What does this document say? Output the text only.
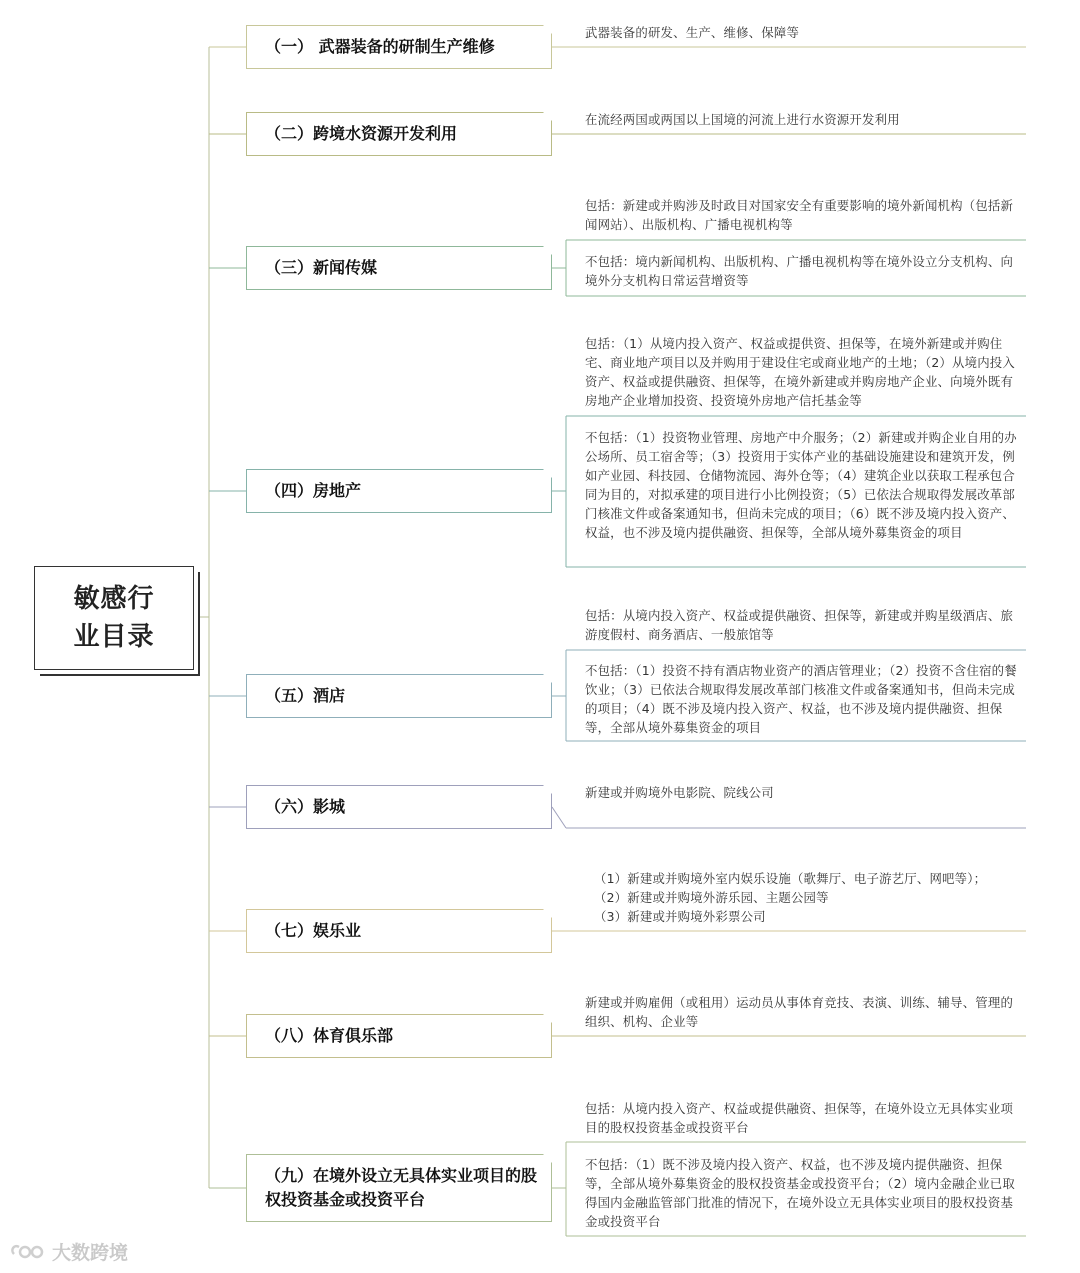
敏感行业目录
（一） 武器装备的研制生产维修
（二）跨境水资源开发利用
（三）新闻传媒
（四）房地产
（五）酒店
（六）影城
（七）娱乐业
（八）体育俱乐部
（九）在境外设立无具体实业项目的股权投资基金或投资平台
武器装备的研发、生产、维修、保障等
在流经两国或两国以上国境的河流上进行水资源开发利用
包括：新建或并购涉及时政目对国家安全有重要影响的境外新闻机构（包括新闻网站）、出版机构、广播电视机构等
不包括：境内新闻机构、出版机构、广播电视机构等在境外设立分支机构、向境外分支机构日常运营增资等
包括：（1）从境内投入资产、权益或提供资、担保等，在境外新建或并购住宅、商业地产项目以及并购用于建设住宅或商业地产的土地；（2）从境内投入资产、权益或提供融资、担保等，在境外新建或并购房地产企业、向境外既有房地产企业增加投资、投资境外房地产信托基金等
不包括：（1）投资物业管理、房地产中介服务；（2）新建或并购企业自用的办公场所、员工宿舍等；（3）投资用于实体产业的基础设施建设和建筑开发，例如产业园、科技园、仓储物流园、海外仓等；（4）建筑企业以获取工程承包合同为目的，对拟承建的项目进行小比例投资；（5）已依法合规取得发展改革部门核准文件或备案通知书，但尚未完成的项目；（6）既不涉及境内投入资产、权益，也不涉及境内提供融资、担保等，全部从境外募集资金的项目
包括：从境内投入资产、权益或提供融资、担保等，新建或并购星级酒店、旅游度假村、商务酒店、一般旅馆等
不包括：（1）投资不持有酒店物业资产的酒店管理业；（2）投资不含住宿的餐饮业；（3）已依法合规取得发展改革部门核准文件或备案通知书，但尚未完成的项目；（4）既不涉及境内投入资产、权益，也不涉及境内提供融资、担保等，全部从境外募集资金的项目
新建或并购境外电影院、院线公司
（1）新建或并购境外室内娱乐设施（歌舞厅、电子游艺厅、网吧等）；
（2）新建或并购境外游乐园、主题公园等
（3）新建或并购境外彩票公司
新建或并购雇佣（或租用）运动员从事体育竞技、表演、训练、辅导、管理的组织、机构、企业等
包括：从境内投入资产、权益或提供融资、担保等，在境外设立无具体实业项目的股权投资基金或投资平台
不包括：（1）既不涉及境内投入资产、权益，也不涉及境内提供融资、担保等，全部从境外募集资金的股权投资基金或投资平台；（2）境内金融企业已取得国内金融监管部门批准的情况下，在境外设立无具体实业项目的股权投资基金或投资平台
大数跨境
